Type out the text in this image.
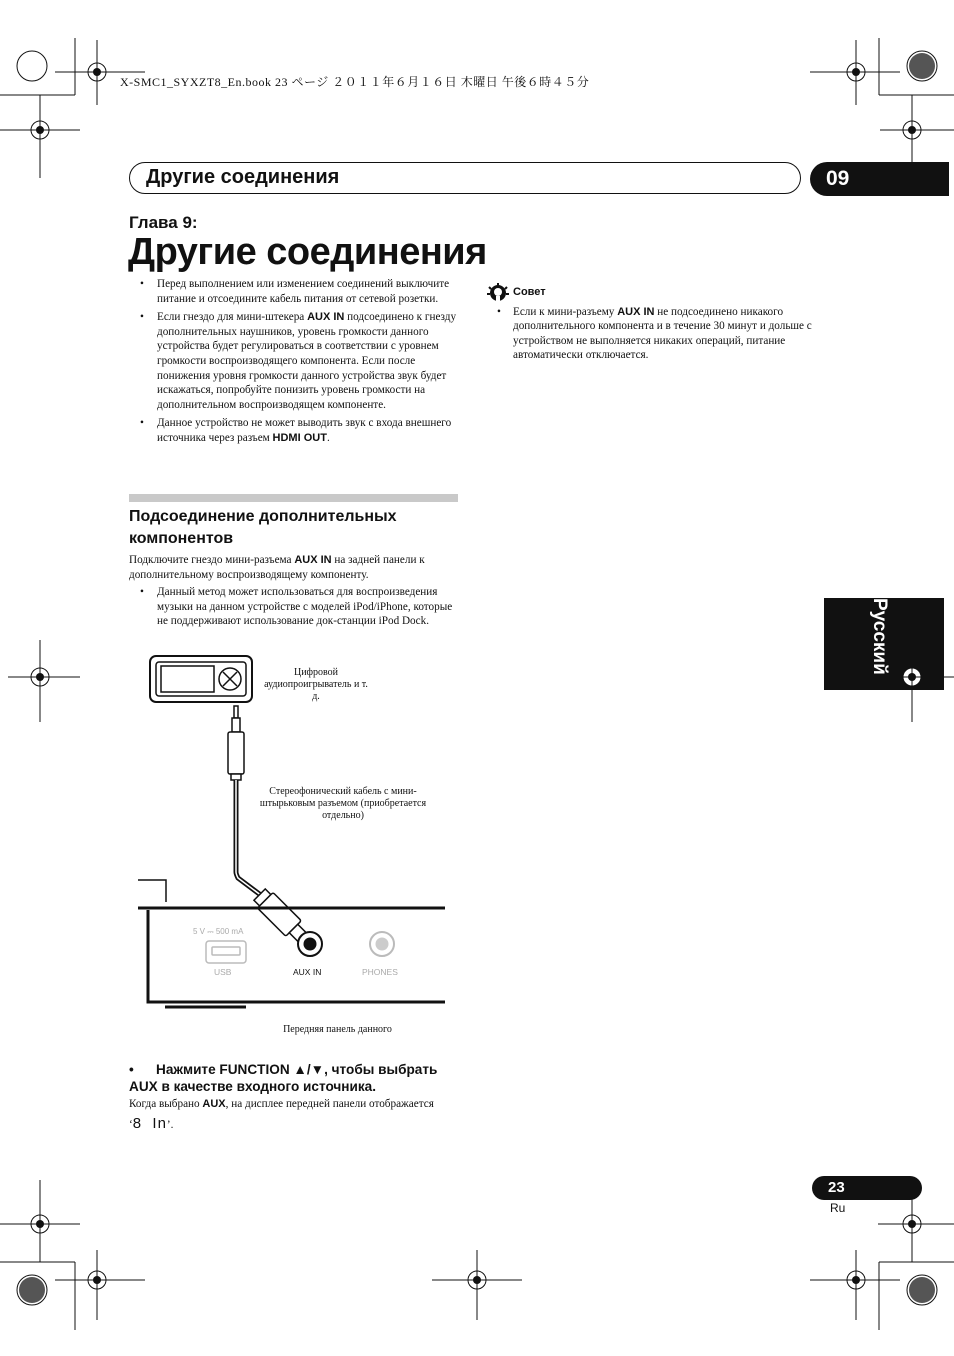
X-SMC1_SYXZT8_En.book 23 ページ ２０１１年６月１６日 木曜日 午後６時４５分
Другие соединения	09
Глава 9:
Другие соединения
• Перед выполнением или изменением соединений выключите питание и отсоедините кабель питания от сетевой розетки.
• Если гнездо для мини-штекера AUX IN подсоединено к гнезду дополнительных наушников, уровень громкости данного устройства будет регулироваться в соответствии с уровнем громкости воспроизводящего компонента. Если после понижения уровня громкости данного устройства звук будет искажаться, попробуйте понизить уровень громкости на дополнительном воспроизводящем компоненте.
• Данное устройство не может выводить звук с входа внешнего источника через разъем HDMI OUT.
Совет
• Если к мини-разъему AUX IN не подсоединено никакого дополнительного компонента и в течение 30 минут и дольше с устройством не выполняется никаких операций, питание автоматически отключается.
Подсоединение дополнительных компонентов
Подключите гнездо мини-разъема AUX IN на задней панели к дополнительному воспроизводящему компоненту.
• Данный метод может использоваться для воспроизведения музыки на данном устройстве с моделей iPod/iPhone, которые не поддерживают использование док-станции iPod Dock.
Цифровой аудиопроигрыватель и т. д.
Стереофонический кабель с мини-штырьковым разъемом (приобретается отдельно)
5 V ⎓ 500 mA
USB	AUX IN	PHONES
Передняя панель данного
• Нажмите FUNCTION ▲/▼, чтобы выбрать AUX в качестве входного источника.
Когда выбрано AUX, на дисплее передней панели отображается ‘8  In’.
Русский
23
Ru
